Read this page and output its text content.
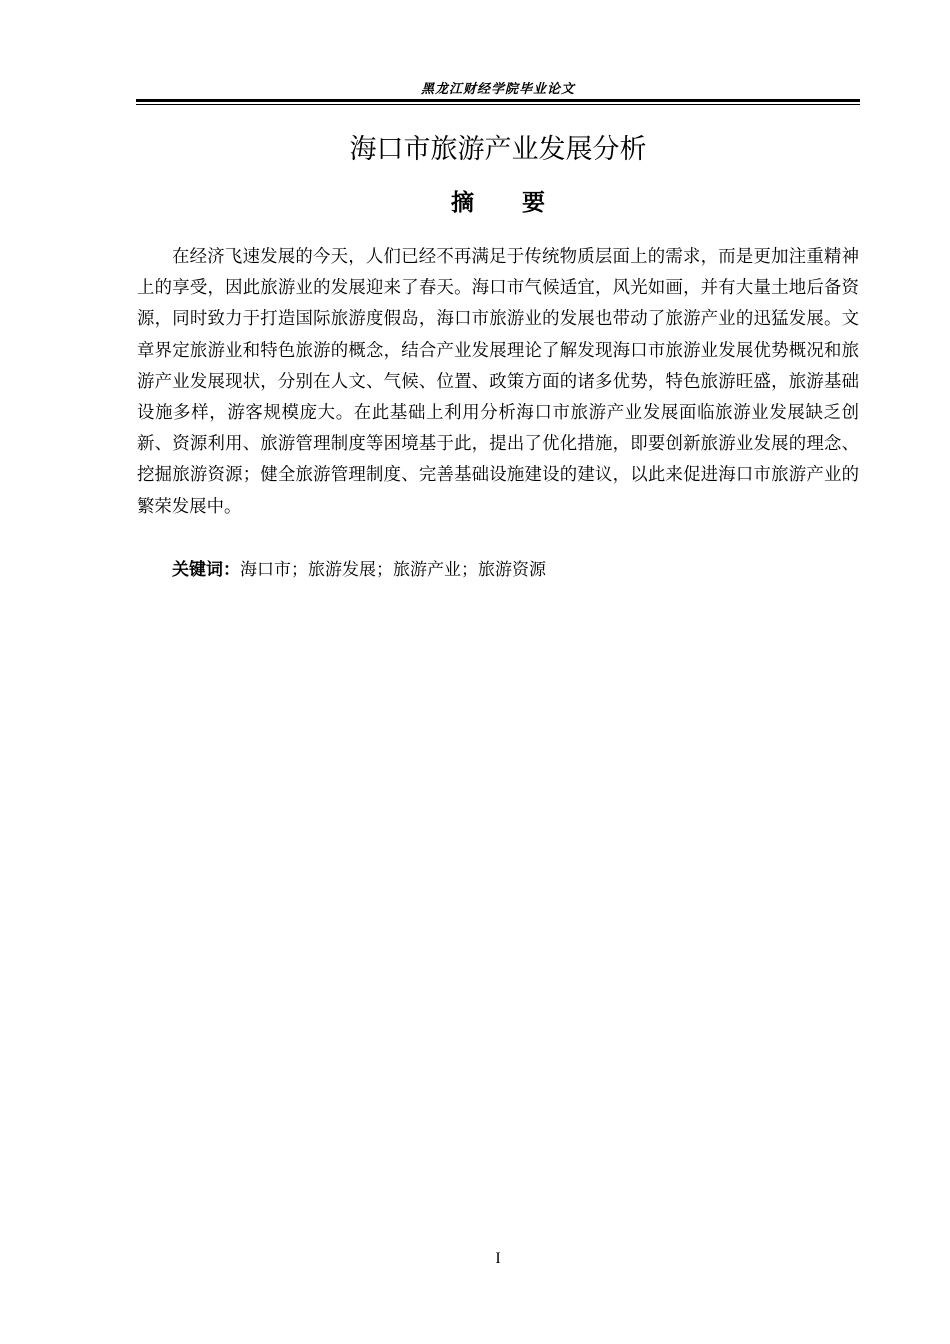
黑龙江财经学院毕业论文
海口市旅游产业发展分析
摘要

在经济飞速发展的今天，人们已经不再满足于传统物质层面上的需求，而是更加注重精神上的享受，因此旅游业的发展迎来了春天。海口市气候适宜，风光如画，并有大量土地后备资源，同时致力于打造国际旅游度假岛，海口市旅游业的发展也带动了旅游产业的迅猛发展。文章界定旅游业和特色旅游的概念，结合产业发展理论了解发现海口市旅游业发展优势概况和旅游产业发展现状，分别在人文、气候、位置、政策方面的诸多优势，特色旅游旺盛，旅游基础设施多样，游客规模庞大。在此基础上利用分析海口市旅游产业发展面临旅游业发展缺乏创新、资源利用、旅游管理制度等困境基于此，提出了优化措施，即要创新旅游业发展的理念、挖掘旅游资源；健全旅游管理制度、完善基础设施建设的建议，以此来促进海口市旅游产业的繁荣发展中。

关键词：海口市；旅游发展；旅游产业；旅游资源
I
